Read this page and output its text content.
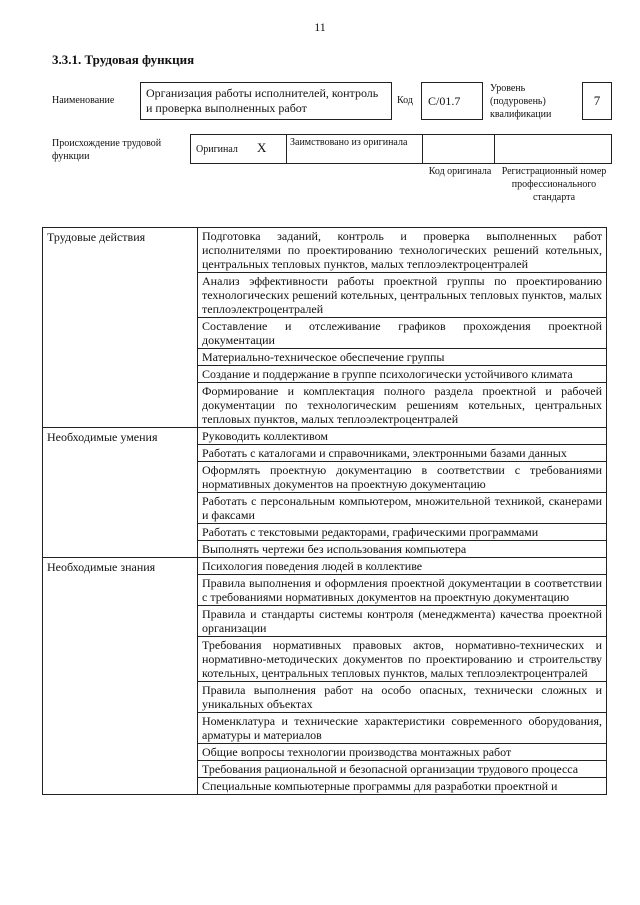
11
3.3.1. Трудовая функция
Наименование
Организация работы исполнителей, контроль и проверка выполненных работ
Код	С/01.7
Уровень (подуровень) квалификации
7
Происхождение трудовой функции
Оригинал X	Заимствовано из оригинала
Код оригинала	Регистрационный номер профессионального стандарта
Трудовые действия	Подготовка заданий, контроль и проверка выполненных работ исполнителями по проектированию технологических решений котельных, центральных тепловых пунктов, малых теплоэлектроцентралей
	Анализ эффективности работы проектной группы по проектированию технологических решений котельных, центральных тепловых пунктов, малых теплоэлектроцентралей
	Составление и отслеживание графиков прохождения проектной документации
	Материально-техническое обеспечение группы
	Создание и поддержание в группе психологически устойчивого климата
	Формирование и комплектация полного раздела проектной и рабочей документации по технологическим решениям котельных, центральных тепловых пунктов, малых теплоэлектроцентралей
Необходимые умения	Руководить коллективом
	Работать с каталогами и справочниками, электронными базами данных
	Оформлять проектную документацию в соответствии с требованиями нормативных документов на проектную документацию
	Работать с персональным компьютером, множительной техникой, сканерами и факсами
	Работать с текстовыми редакторами, графическими программами
	Выполнять чертежи без использования компьютера
Необходимые знания	Психология поведения людей в коллективе
	Правила выполнения и оформления проектной документации в соответствии с требованиями нормативных документов на проектную документацию
	Правила и стандарты системы контроля (менеджмента) качества проектной организации
	Требования нормативных правовых актов, нормативно-технических и нормативно-методических документов по проектированию и строительству котельных, центральных тепловых пунктов, малых теплоэлектроцентралей
	Правила выполнения работ на особо опасных, технически сложных и уникальных объектах
	Номенклатура и технические характеристики современного оборудования, арматуры и материалов
	Общие вопросы технологии производства монтажных работ
	Требования рациональной и безопасной организации трудового процесса
	Специальные компьютерные программы для разработки проектной и
